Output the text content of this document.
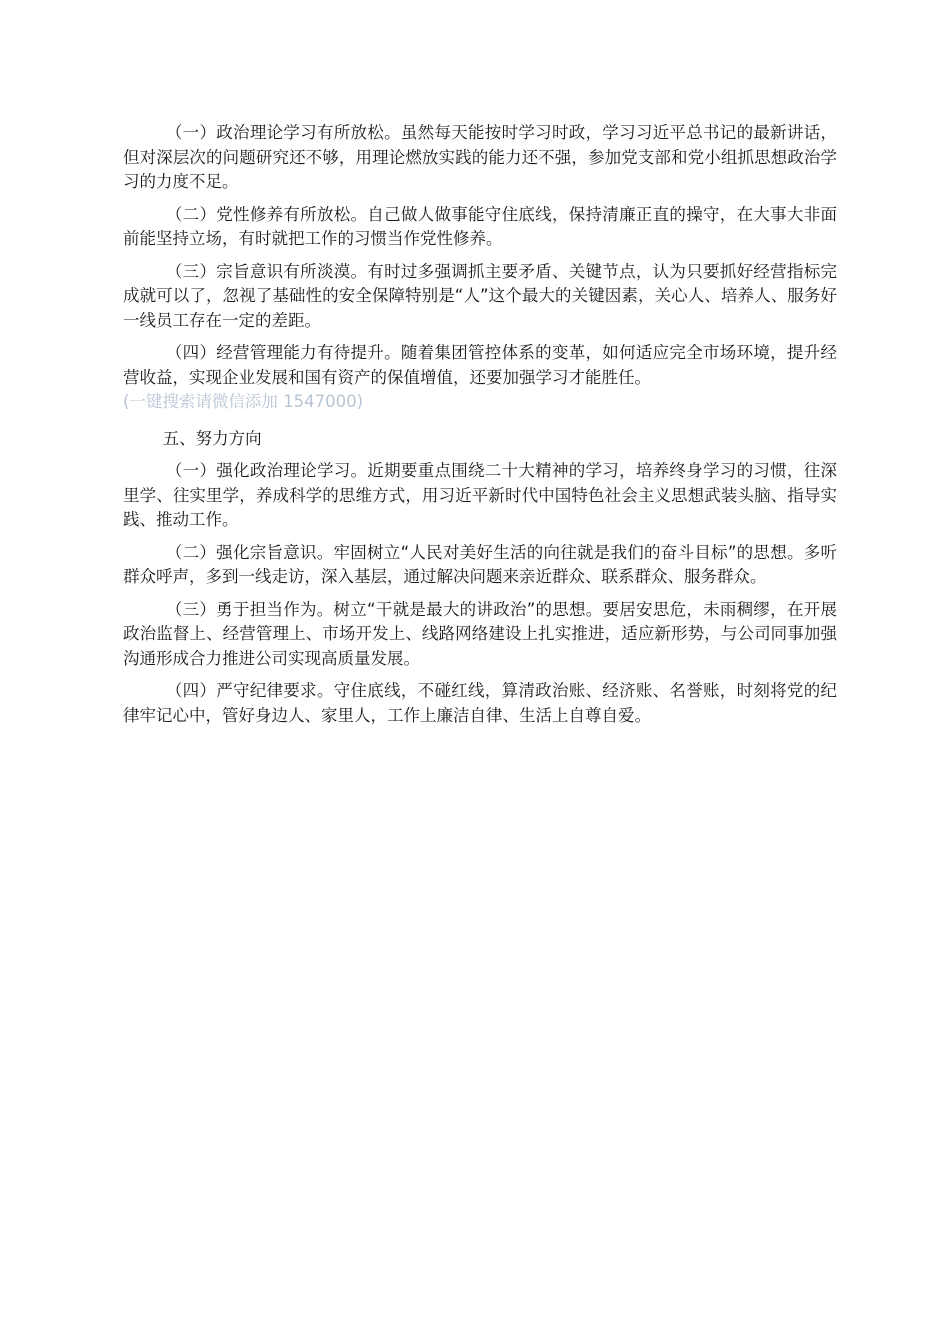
（一）政治理论学习有所放松。虽然每天能按时学习时政，学习习近平总书记的最新讲话，但对深层次的问题研究还不够，用理论燃放实践的能力还不强，参加党支部和党小组抓思想政治学习的力度不足。

（二）党性修养有所放松。自己做人做事能守住底线，保持清廉正直的操守，在大事大非面前能坚持立场，有时就把工作的习惯当作党性修养。

（三）宗旨意识有所淡漠。有时过多强调抓主要矛盾、关键节点，认为只要抓好经营指标完成就可以了，忽视了基础性的安全保障特别是“人”这个最大的关键因素，关心人、培养人、服务好一线员工存在一定的差距。

（四）经营管理能力有待提升。随着集团管控体系的变革，如何适应完全市场环境，提升经营收益，实现企业发展和国有资产的保值增值，还要加强学习才能胜任。

(一键搜索请微信添加 1547000)

五、努力方向

（一）强化政治理论学习。近期要重点围绕二十大精神的学习，培养终身学习的习惯，往深里学、往实里学，养成科学的思维方式，用习近平新时代中国特色社会主义思想武装头脑、指导实践、推动工作。

（二）强化宗旨意识。牢固树立“人民对美好生活的向往就是我们的奋斗目标”的思想。多听群众呼声，多到一线走访，深入基层，通过解决问题来亲近群众、联系群众、服务群众。

（三）勇于担当作为。树立“干就是最大的讲政治”的思想。要居安思危，未雨稠缪，在开展政治监督上、经营管理上、市场开发上、线路网络建设上扎实推进，适应新形势，与公司同事加强沟通形成合力推进公司实现高质量发展。

（四）严守纪律要求。守住底线，不碰红线，算清政治账、经济账、名誉账，时刻将党的纪律牢记心中，管好身边人、家里人，工作上廉洁自律、生活上自尊自爱。
